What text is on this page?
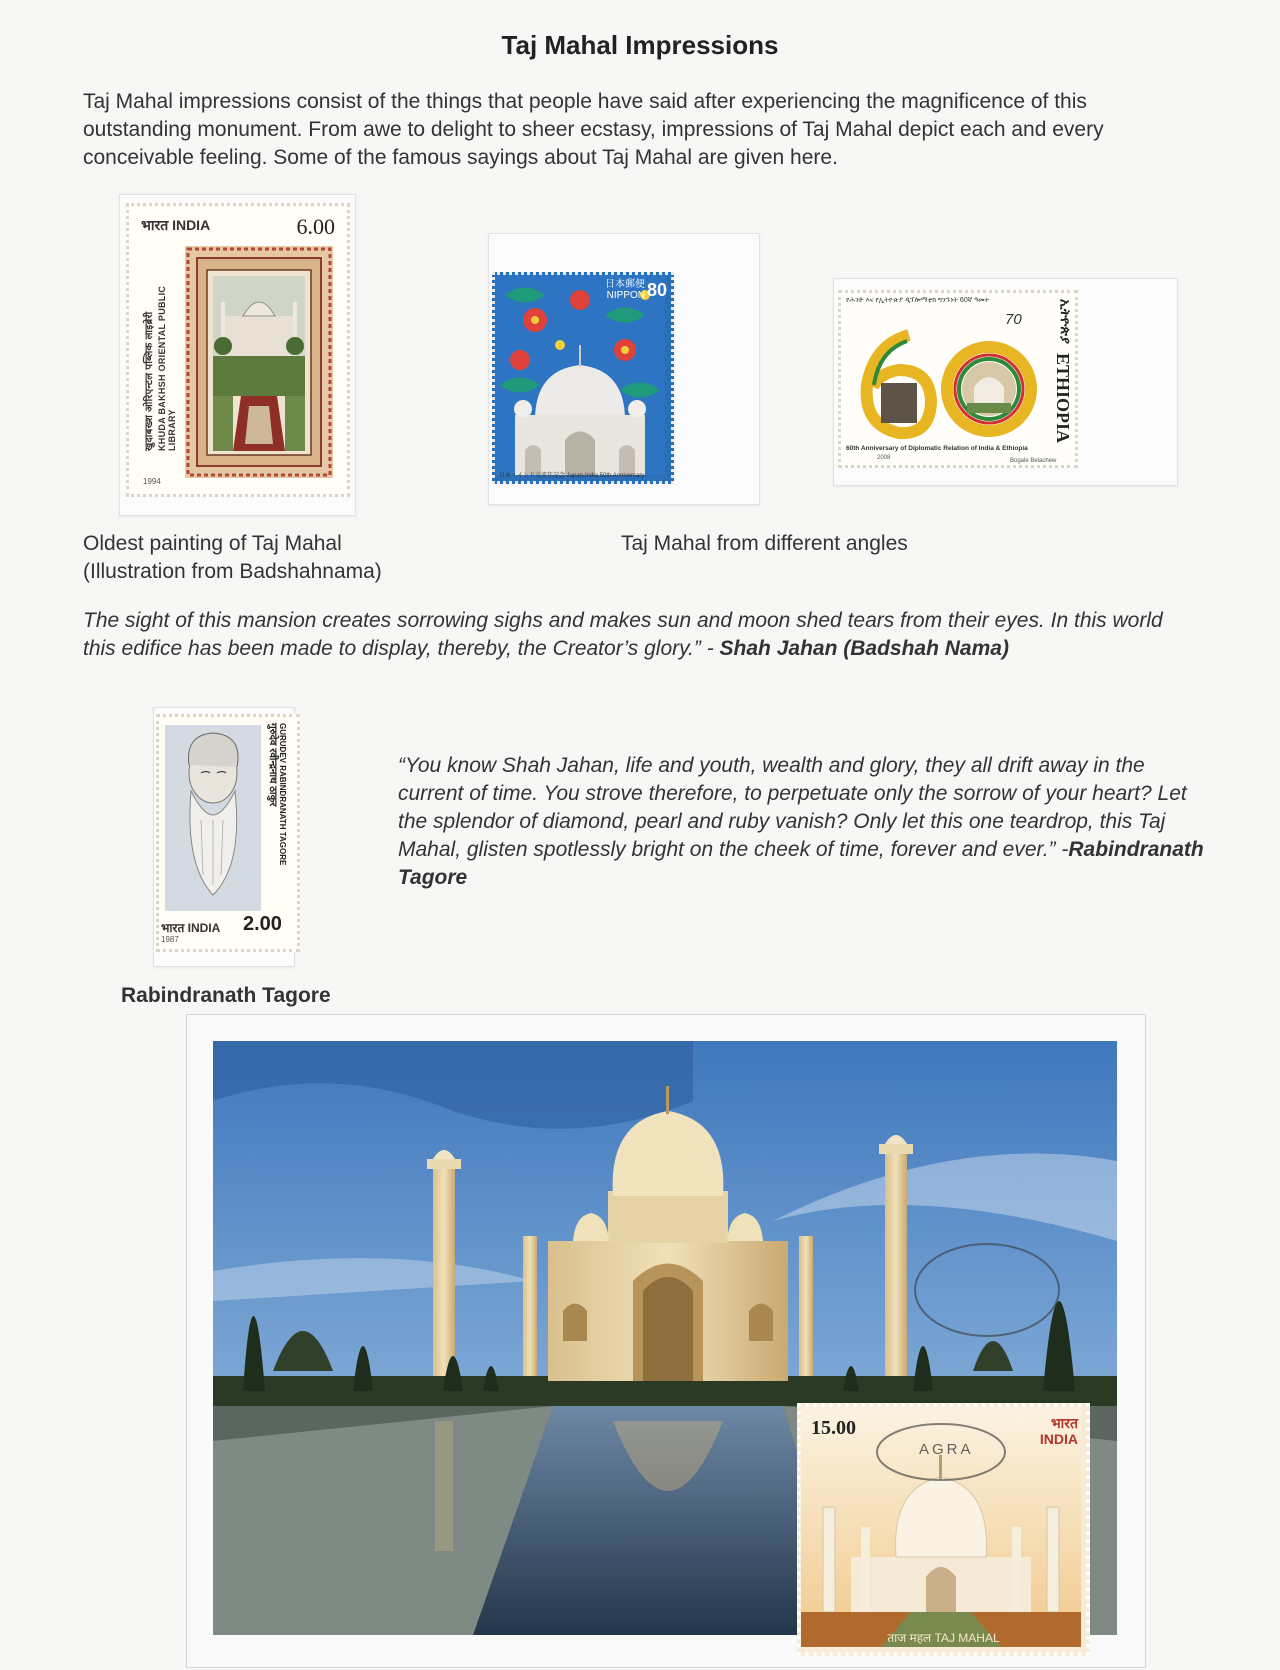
Taj Mahal Impressions
Taj Mahal impressions consist of the things that people have said after experiencing the magnificence of this outstanding monument. From awe to delight to sheer ecstasy, impressions of Taj Mahal depict each and every conceivable feeling. Some of the famous sayings about Taj Mahal are given here.
भारत INDIA	6.00
खुदाबख्श ओरिएन्टल पब्लिक लाइब्रेरी KHUDA BAKHSH ORIENTAL PUBLIC LIBRARY
1994
日本郵便 NIPPON 80
日本・インド交流年記念 Japan-India 50th Anniversary
የሕንድ እና የኢትዮጵያ ዲፕሎማቲክ ግንኙነት 60ኛ ዓመት
70
60th Anniversary of Diplomatic Relation of India & Ethiopia
2008
ETHIOPIA
ኢትዮጵያ
Bogale Belachew
Oldest painting of Taj Mahal
(Illustration from Badshahnama)
Taj Mahal from different angles
The sight of this mansion creates sorrowing sighs and makes sun and moon shed tears from their eyes. In this world this edifice has been made to display, thereby, the Creator’s glory.” - Shah Jahan (Badshah Nama)
गुरुदेव रवीन्द्रनाथ ठाकुर GURUDEV RABINDRANATH TAGORE
भारत INDIA 2.00
1987
“You know Shah Jahan, life and youth, wealth and glory, they all drift away in the current of time. You strove therefore, to perpetuate only the sorrow of your heart? Let the splendor of diamond, pearl and ruby vanish? Only let this one teardrop, this Taj Mahal, glisten spotlessly bright on the cheek of time, forever and ever.” -Rabindranath Tagore
Rabindranath Tagore
15.00	भारत INDIA
ताज महल TAJ MAHAL
AGRA
